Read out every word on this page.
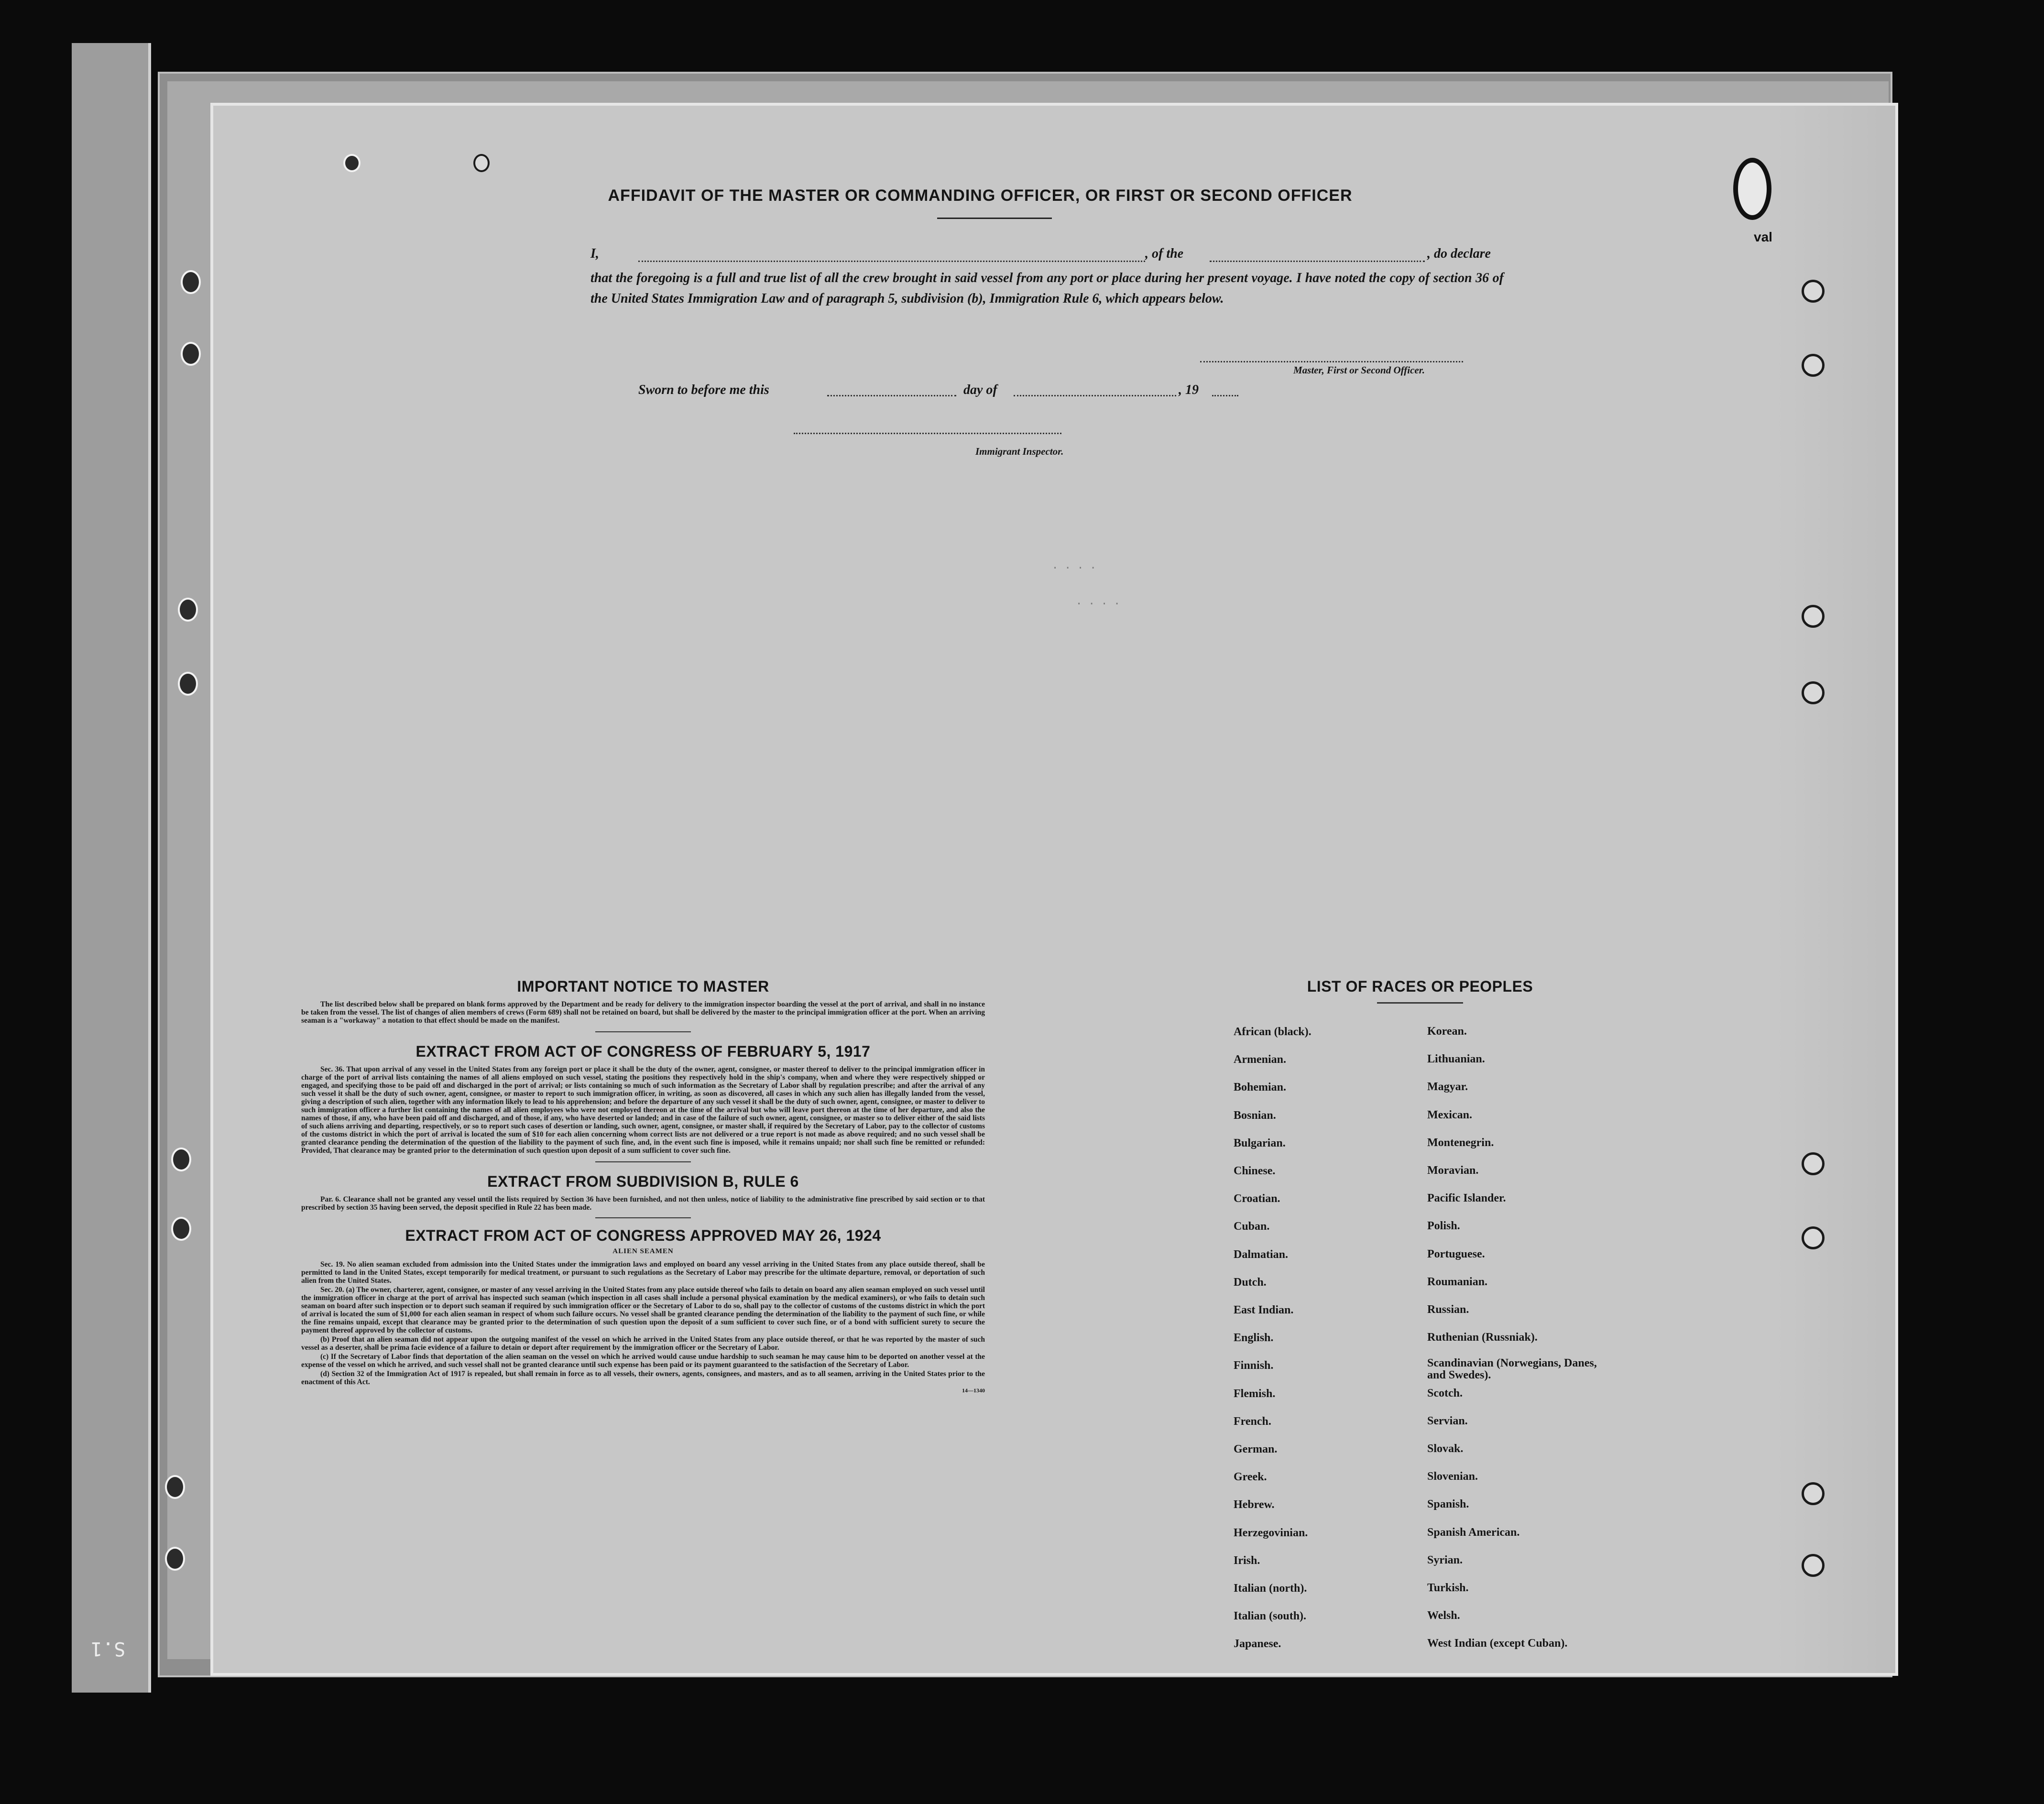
S.1
val
AFFIDAVIT OF THE MASTER OR COMMANDING OFFICER, OR FIRST OR SECOND OFFICER
I,	, of the	, do declare
that the foregoing is a full and true list of all the crew brought in said vessel from any port or place during her present voyage. I have noted the copy of section 36 of the United States Immigration Law and of paragraph 5, subdivision (b), Immigration Rule 6, which appears below.
Master, First or Second Officer.
Sworn to before me this	day of	, 19
Immigrant Inspector.
. . . .
. . . .
IMPORTANT NOTICE TO MASTER

The list described below shall be prepared on blank forms approved by the Department and be ready for delivery to the immigration inspector boarding the vessel at the port of arrival, and shall in no instance be taken from the vessel. The list of changes of alien members of crews (Form 689) shall not be retained on board, but shall be delivered by the master to the principal immigration officer at the port. When an arriving seaman is a "workaway" a notation to that effect should be made on the manifest.

EXTRACT FROM ACT OF CONGRESS OF FEBRUARY 5, 1917

Sec. 36. That upon arrival of any vessel in the United States from any foreign port or place it shall be the duty of the owner, agent, consignee, or master thereof to deliver to the principal immigration officer in charge of the port of arrival lists containing the names of all aliens employed on such vessel, stating the positions they respectively hold in the ship's company, when and where they were respectively shipped or engaged, and specifying those to be paid off and discharged in the port of arrival; or lists containing so much of such information as the Secretary of Labor shall by regulation prescribe; and after the arrival of any such vessel it shall be the duty of such owner, agent, consignee, or master to report to such immigration officer, in writing, as soon as discovered, all cases in which any such alien has illegally landed from the vessel, giving a description of such alien, together with any information likely to lead to his apprehension; and before the departure of any such vessel it shall be the duty of such owner, agent, consignee, or master to deliver to such immigration officer a further list containing the names of all alien employees who were not employed thereon at the time of the arrival but who will leave port thereon at the time of her departure, and also the names of those, if any, who have been paid off and discharged, and of those, if any, who have deserted or landed; and in case of the failure of such owner, agent, consignee, or master so to deliver either of the said lists of such aliens arriving and departing, respectively, or so to report such cases of desertion or landing, such owner, agent, consignee, or master shall, if required by the Secretary of Labor, pay to the collector of customs of the customs district in which the port of arrival is located the sum of $10 for each alien concerning whom correct lists are not delivered or a true report is not made as above required; and no such vessel shall be granted clearance pending the determination of the question of the liability to the payment of such fine, and, in the event such fine is imposed, while it remains unpaid; nor shall such fine be remitted or refunded: Provided, That clearance may be granted prior to the determination of such question upon deposit of a sum sufficient to cover such fine.

EXTRACT FROM SUBDIVISION B, RULE 6

Par. 6. Clearance shall not be granted any vessel until the lists required by Section 36 have been furnished, and not then unless, notice of liability to the administrative fine prescribed by said section or to that prescribed by section 35 having been served, the deposit specified in Rule 22 has been made.

EXTRACT FROM ACT OF CONGRESS APPROVED MAY 26, 1924
ALIEN SEAMEN

Sec. 19. No alien seaman excluded from admission into the United States under the immigration laws and employed on board any vessel arriving in the United States from any place outside thereof, shall be permitted to land in the United States, except temporarily for medical treatment, or pursuant to such regulations as the Secretary of Labor may prescribe for the ultimate departure, removal, or deportation of such alien from the United States.

Sec. 20. (a) The owner, charterer, agent, consignee, or master of any vessel arriving in the United States from any place outside thereof who fails to detain on board any alien seaman employed on such vessel until the immigration officer in charge at the port of arrival has inspected such seaman (which inspection in all cases shall include a personal physical examination by the medical examiners), or who fails to detain such seaman on board after such inspection or to deport such seaman if required by such immigration officer or the Secretary of Labor to do so, shall pay to the collector of customs of the customs district in which the port of arrival is located the sum of $1,000 for each alien seaman in respect of whom such failure occurs. No vessel shall be granted clearance pending the determination of the liability to the payment of such fine, or while the fine remains unpaid, except that clearance may be granted prior to the determination of such question upon the deposit of a sum sufficient to cover such fine, or of a bond with sufficient surety to secure the payment thereof approved by the collector of customs.

(b) Proof that an alien seaman did not appear upon the outgoing manifest of the vessel on which he arrived in the United States from any place outside thereof, or that he was reported by the master of such vessel as a deserter, shall be prima facie evidence of a failure to detain or deport after requirement by the immigration officer or the Secretary of Labor.

(c) If the Secretary of Labor finds that deportation of the alien seaman on the vessel on which he arrived would cause undue hardship to such seaman he may cause him to be deported on another vessel at the expense of the vessel on which he arrived, and such vessel shall not be granted clearance until such expense has been paid or its payment guaranteed to the satisfaction of the Secretary of Labor.

(d) Section 32 of the Immigration Act of 1917 is repealed, but shall remain in force as to all vessels, their owners, agents, consignees, and masters, and as to all seamen, arriving in the United States prior to the enactment of this Act.

14—1340
LIST OF RACES OR PEOPLES
African (black).	Korean.
Armenian.	Lithuanian.
Bohemian.	Magyar.
Bosnian.	Mexican.
Bulgarian.	Montenegrin.
Chinese.	Moravian.
Croatian.	Pacific Islander.
Cuban.	Polish.
Dalmatian.	Portuguese.
Dutch.	Roumanian.
East Indian.	Russian.
English.	Ruthenian (Russniak).
Finnish.	Scandinavian (Norwegians, Danes, and Swedes).
Flemish.	Scotch.
French.	Servian.
German.	Slovak.
Greek.	Slovenian.
Hebrew.	Spanish.
Herzegovinian.	Spanish American.
Irish.	Syrian.
Italian (north).	Turkish.
Italian (south).	Welsh.
Japanese.	West Indian (except Cuban).
